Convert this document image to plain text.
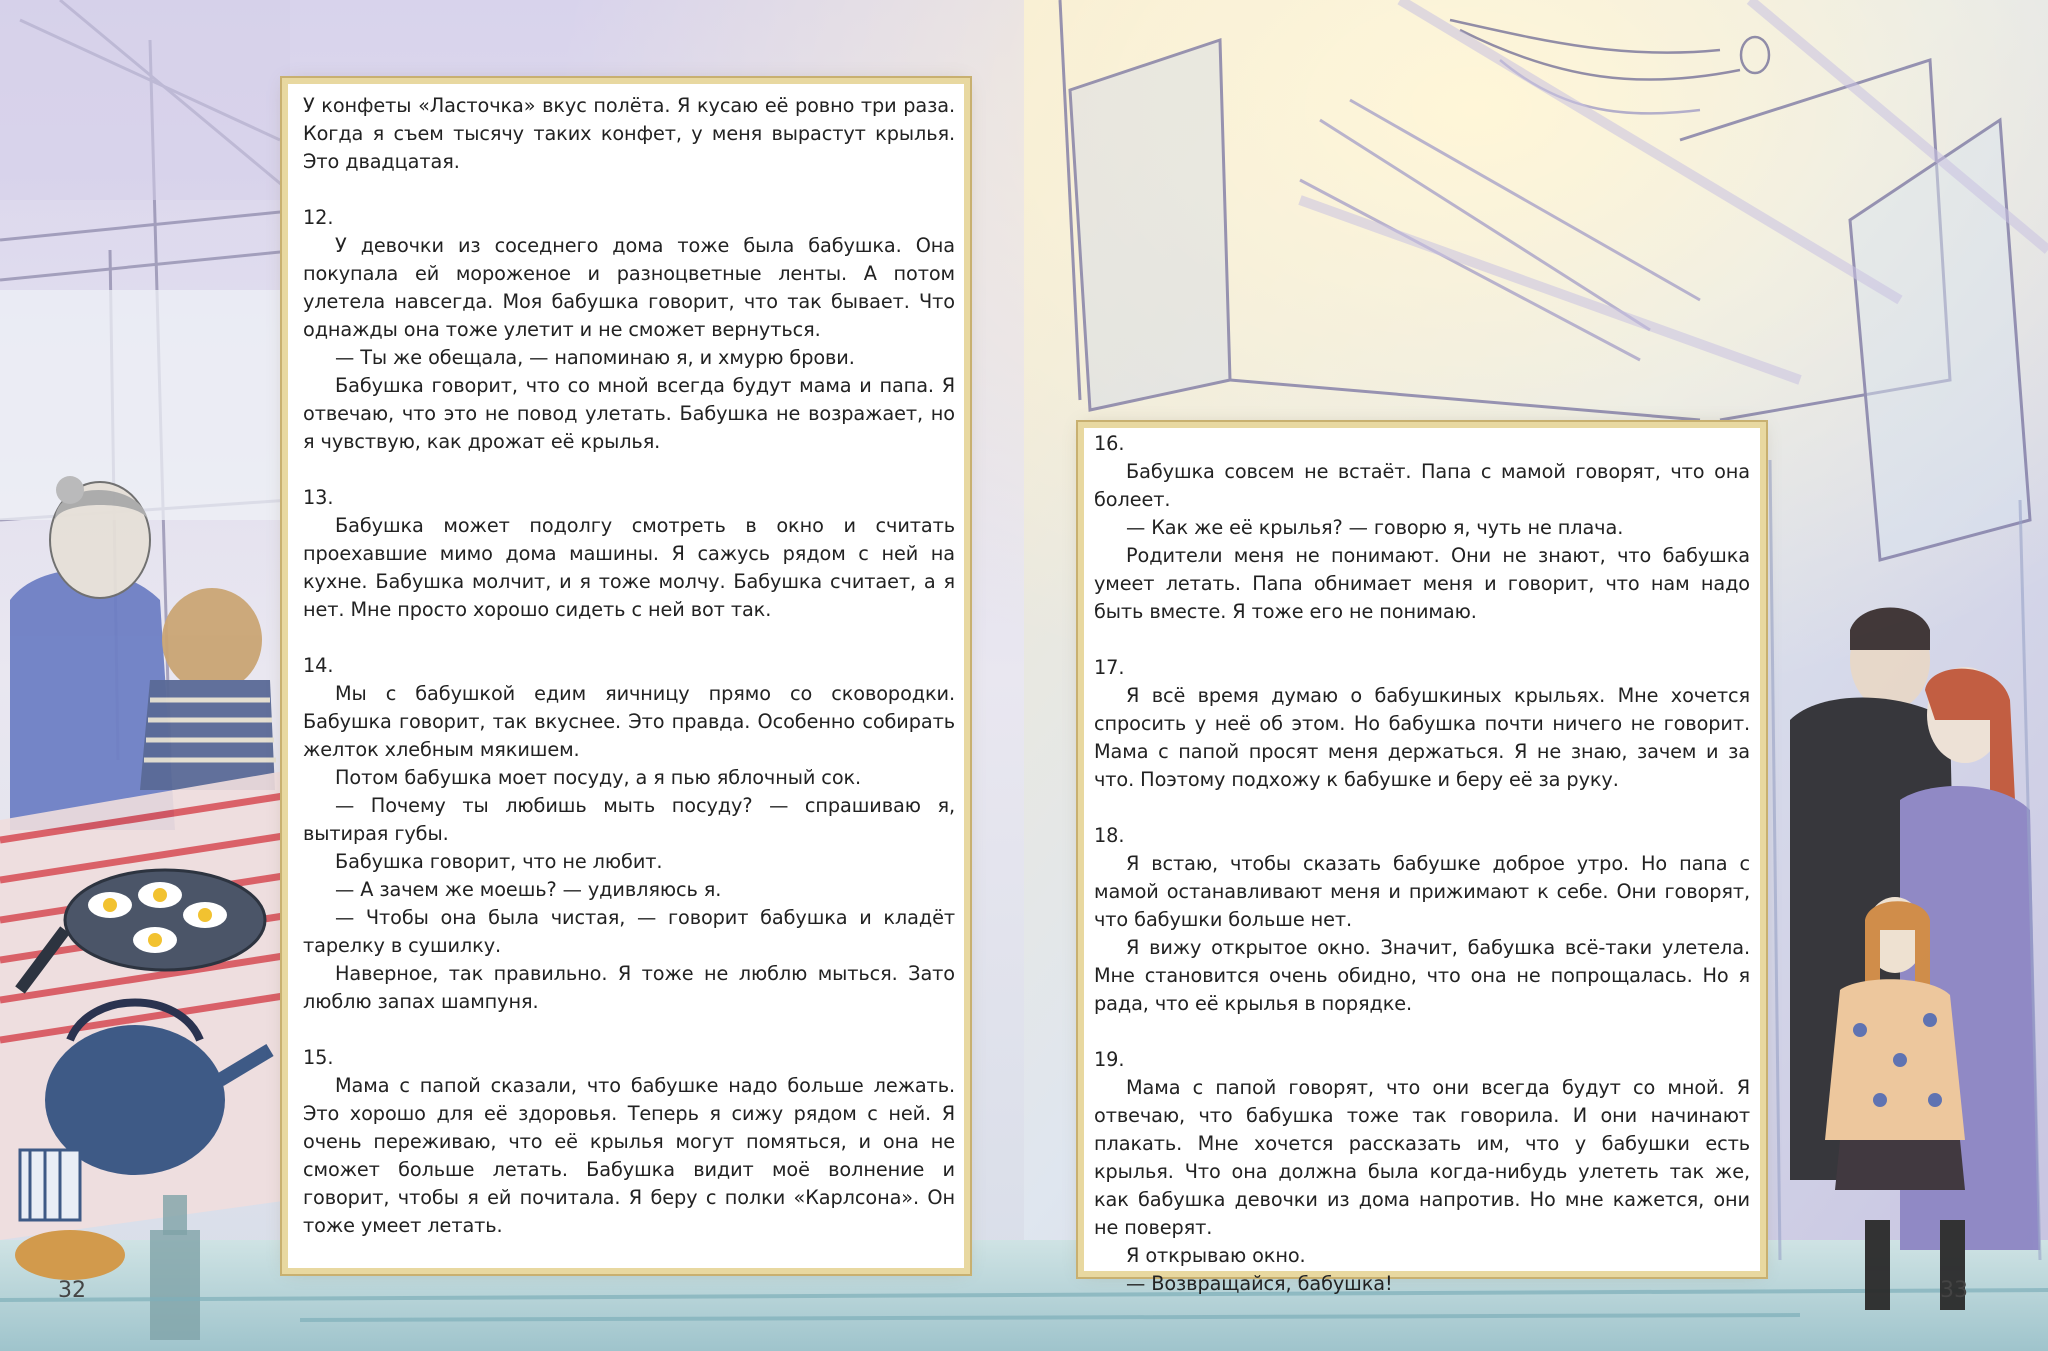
У конфеты «Ласточка» вкус полёта. Я кусаю её ровно три раза. Когда я съем тысячу таких конфет, у меня вырастут крылья. Это двадцатая.

12.

У девочки из соседнего дома тоже была бабушка. Она покупала ей мороженое и разноцветные ленты. А потом улетела навсегда. Моя бабушка говорит, что так бывает. Что однажды она тоже улетит и не сможет вернуться.

— Ты же обещала, — напоминаю я, и хмурю брови.

Бабушка говорит, что со мной всегда будут мама и папа. Я отвечаю, что это не повод улетать. Бабушка не возражает, но я чувствую, как дрожат её крылья.

13.

Бабушка может подолгу смотреть в окно и считать проехавшие мимо дома машины. Я сажусь рядом с ней на кухне. Бабушка молчит, и я тоже молчу. Бабушка считает, а я нет. Мне просто хорошо сидеть с ней вот так.

14.

Мы с бабушкой едим яичницу прямо со сковородки. Бабушка говорит, так вкуснее. Это правда. Особенно собирать желток хлебным мякишем.

Потом бабушка моет посуду, а я пью яблочный сок.

— Почему ты любишь мыть посуду? — спрашиваю я, вытирая губы.

Бабушка говорит, что не любит.

— А зачем же моешь? — удивляюсь я.

— Чтобы она была чистая, — говорит бабушка и кладёт тарелку в сушилку.

Наверное, так правильно. Я тоже не люблю мыться. Зато люблю запах шампуня.

15.

Мама с папой сказали, что бабушке надо больше лежать. Это хорошо для её здоровья. Теперь я сижу рядом с ней. Я очень переживаю, что её крылья могут помяться, и она не сможет больше летать. Бабушка видит моё волнение и говорит, чтобы я ей почитала. Я беру с полки «Карлсона». Он тоже умеет летать.

16.

Бабушка совсем не встаёт. Папа с мамой говорят, что она болеет.

— Как же её крылья? — говорю я, чуть не плача.

Родители меня не понимают. Они не знают, что бабушка умеет летать. Папа обнимает меня и говорит, что нам надо быть вместе. Я тоже его не понимаю.

17.

Я всё время думаю о бабушкиных крыльях. Мне хочется спросить у неё об этом. Но бабушка почти ничего не говорит. Мама с папой просят меня держаться. Я не знаю, зачем и за что. Поэтому подхожу к бабушке и беру её за руку.

18.

Я встаю, чтобы сказать бабушке доброе утро. Но папа с мамой останавливают меня и прижимают к себе. Они говорят, что бабушки больше нет.

Я вижу открытое окно. Значит, бабушка всё-таки улетела. Мне становится очень обидно, что она не попрощалась. Но я рада, что её крылья в порядке.

19.

Мама с папой говорят, что они всегда будут со мной. Я отвечаю, что бабушка тоже так говорила. И они начинают плакать. Мне хочется рассказать им, что у бабушки есть крылья. Что она должна была когда-нибудь улететь так же, как бабушка девочки из дома напротив. Но мне кажется, они не поверят.

Я открываю окно.

— Возвращайся, бабушка!

32	33
